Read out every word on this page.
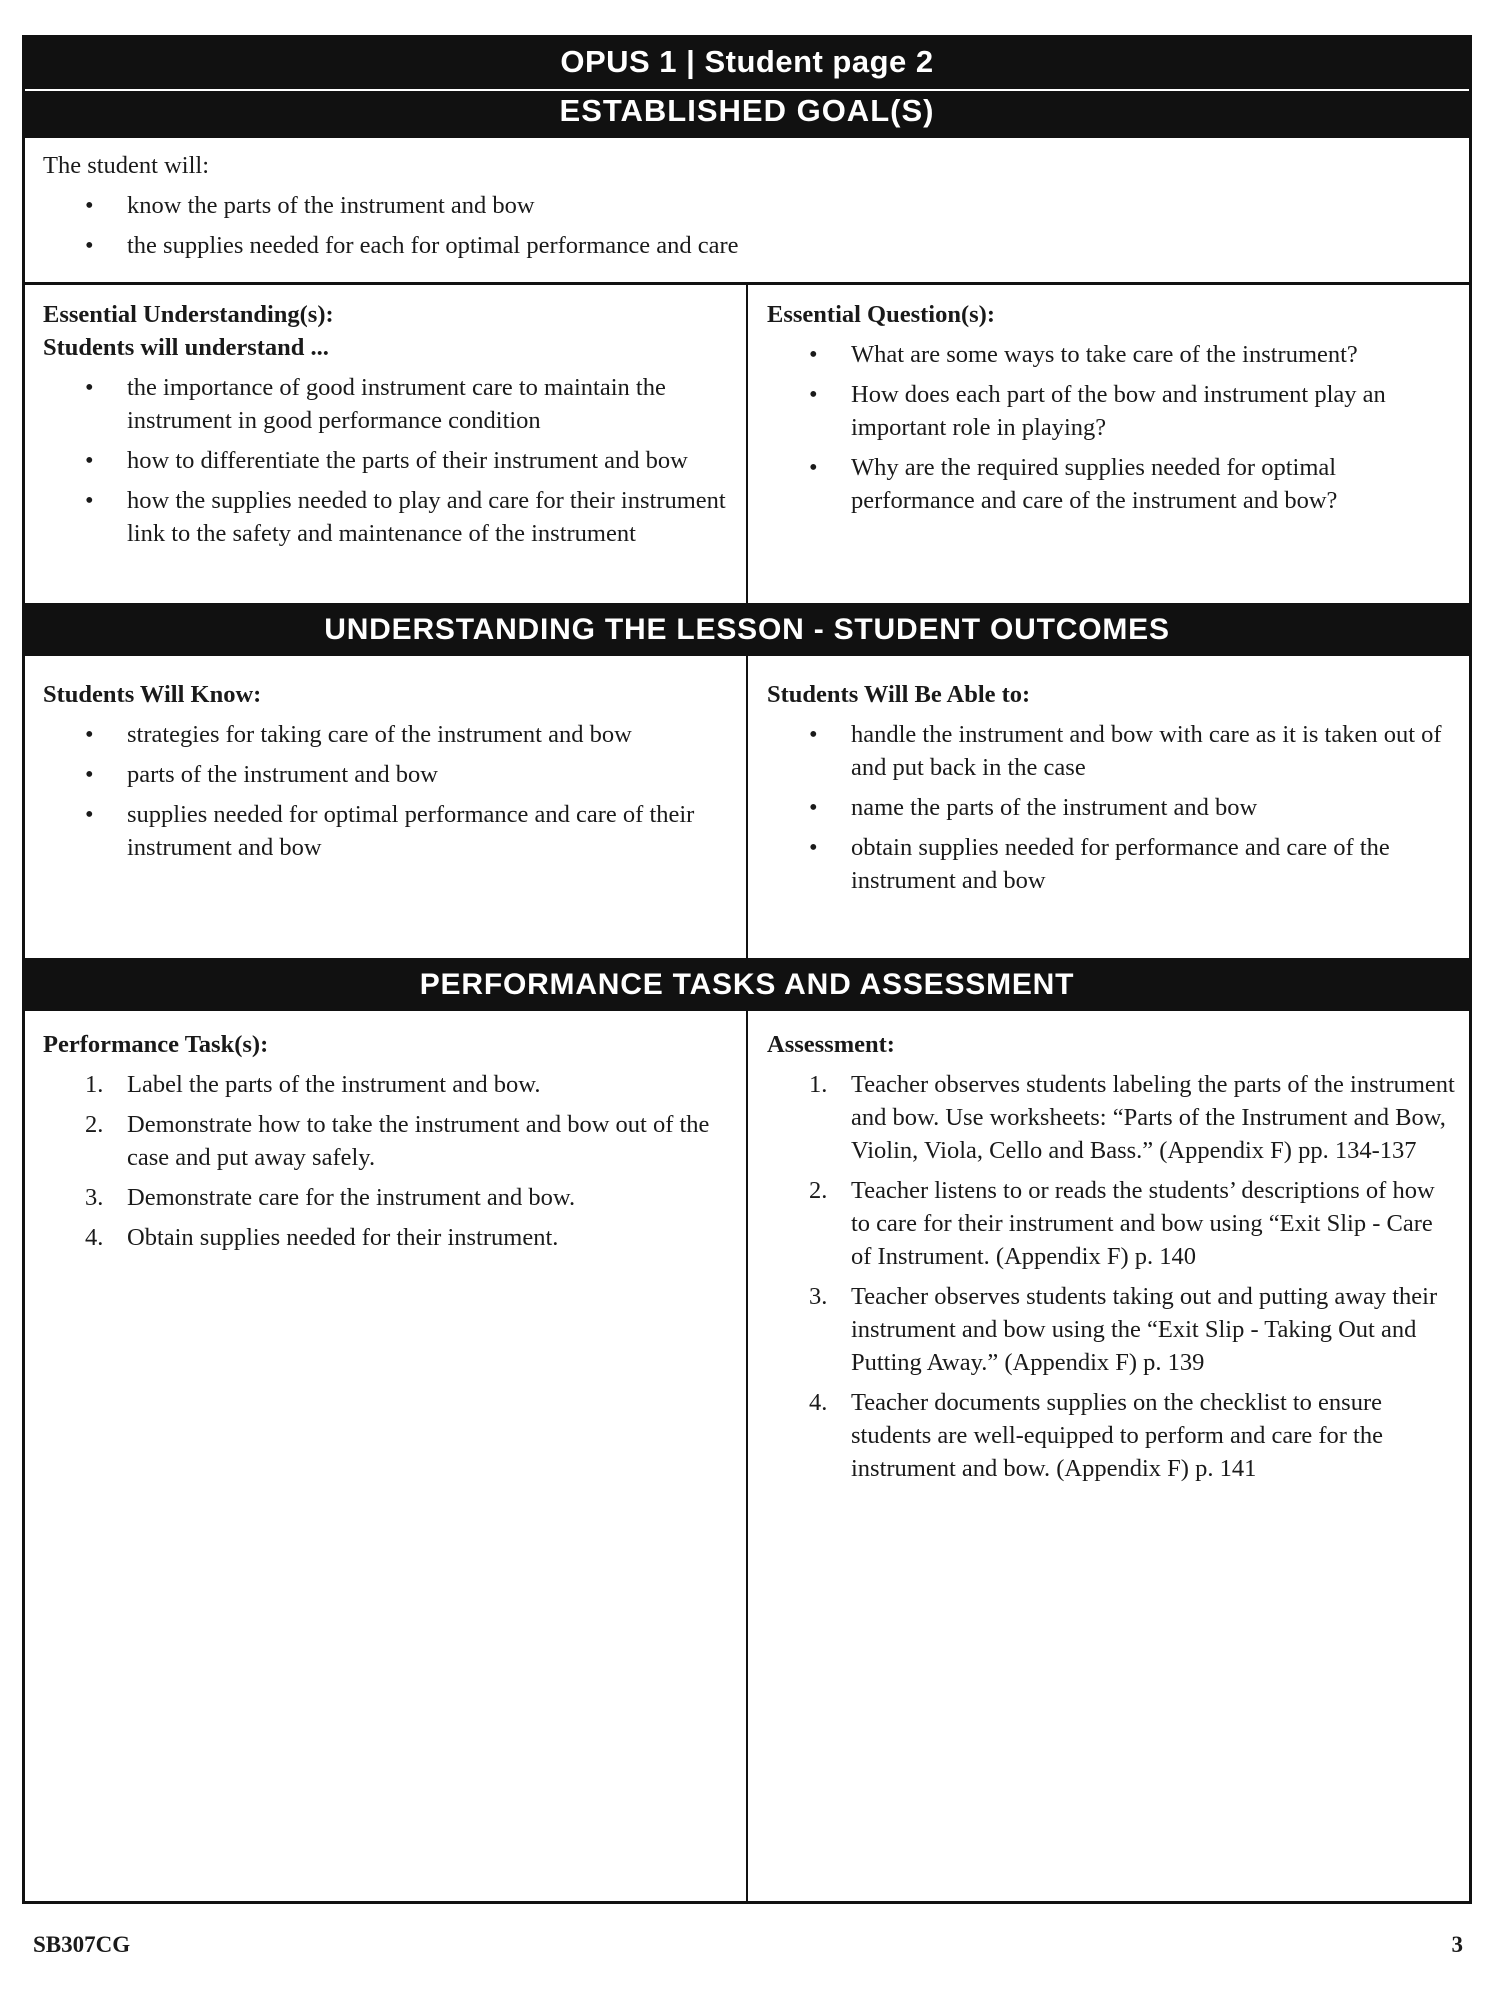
OPUS 1 | Student page 2
ESTABLISHED GOAL(S)

The student will:

• know the parts of the instrument and bow
• the supplies needed for each for optimal performance and care
Essential Understanding(s):
Students will understand ...
• the importance of good instrument care to maintain the instrument in good performance condition
• how to differentiate the parts of their instrument and bow
• how the supplies needed to play and care for their instrument link to the safety and maintenance of the instrument
Essential Question(s):
• What are some ways to take care of the instrument?
• How does each part of the bow and instrument play an important role in playing?
• Why are the required supplies needed for optimal performance and care of the instrument and bow?
UNDERSTANDING THE LESSON - STUDENT OUTCOMES
Students Will Know:
• strategies for taking care of the instrument and bow
• parts of the instrument and bow
• supplies needed for optimal performance and care of their instrument and bow
Students Will Be Able to:
• handle the instrument and bow with care as it is taken out of and put back in the case
• name the parts of the instrument and bow
• obtain supplies needed for performance and care of the instrument and bow
PERFORMANCE TASKS AND ASSESSMENT
Performance Task(s):
1. Label the parts of the instrument and bow.
2. Demonstrate how to take the instrument and bow out of the case and put away safely.
3. Demonstrate care for the instrument and bow.
4. Obtain supplies needed for their instrument.
Assessment:
1. Teacher observes students labeling the parts of the instrument and bow. Use worksheets: “Parts of the Instrument and Bow, Violin, Viola, Cello and Bass.” (Appendix F) pp. 134-137
2. Teacher listens to or reads the students’ descriptions of how to care for their instrument and bow using “Exit Slip - Care of Instrument. (Appendix F) p. 140
3. Teacher observes students taking out and putting away their instrument and bow using the “Exit Slip - Taking Out and Putting Away.” (Appendix F) p. 139
4. Teacher documents supplies on the checklist to ensure students are well-equipped to perform and care for the instrument and bow. (Appendix F) p. 141
SB307CG	3
